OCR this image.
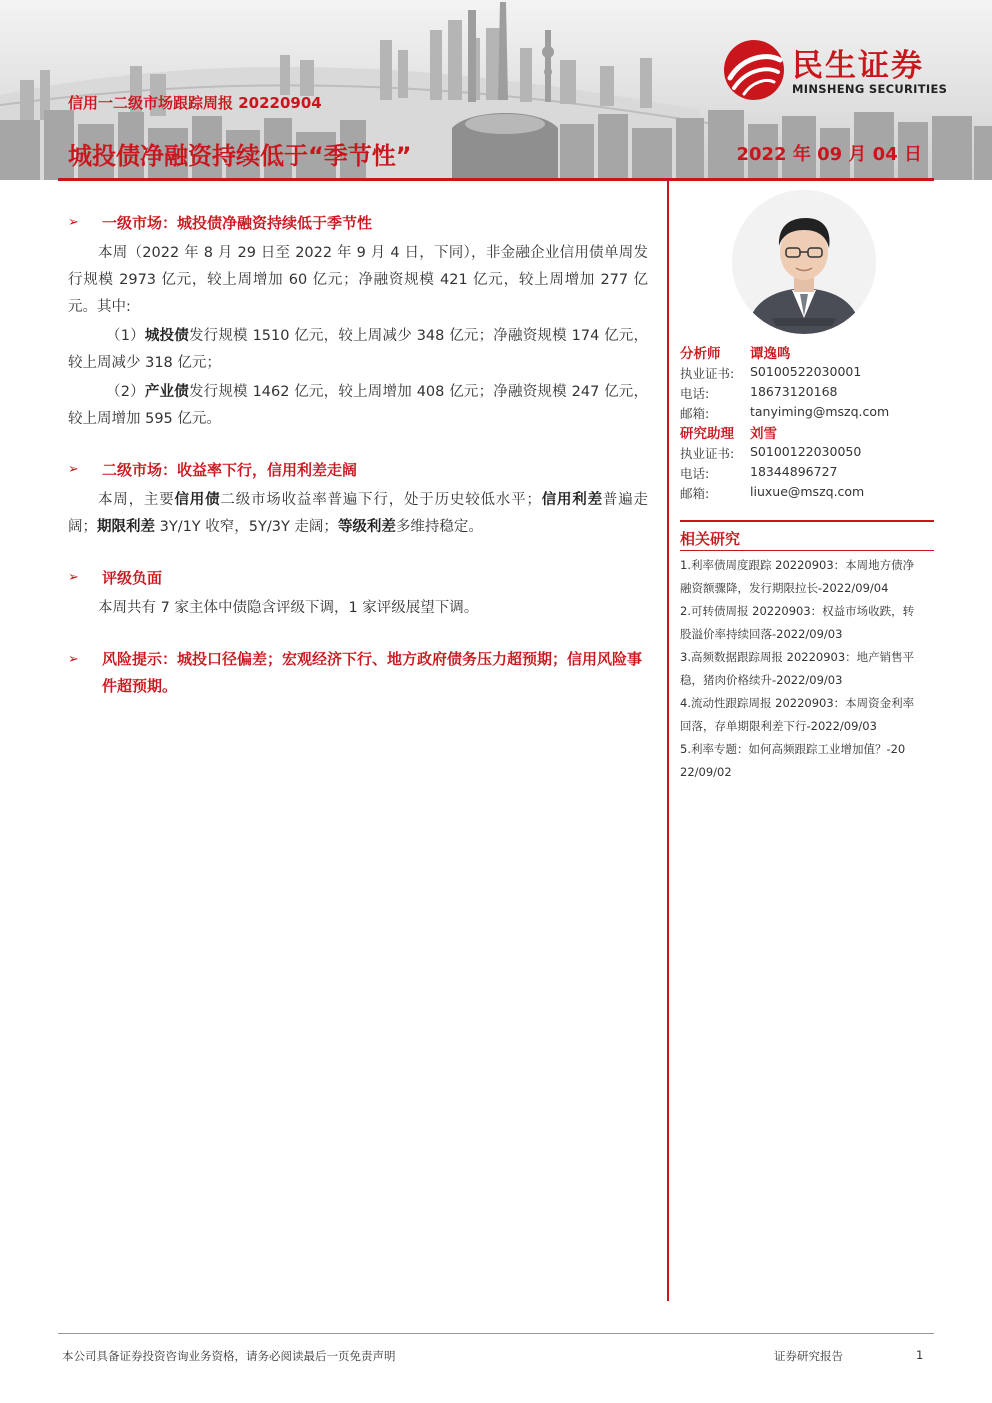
信用一二级市场跟踪周报 20220904
城投债净融资持续低于“季节性”	2022 年 09 月 04 日
民生证券
MINSHENG SECURITIES
➢ 一级市场：城投债净融资持续低于季节性

本周（2022 年 8 月 29 日至 2022 年 9 月 4 日，下同），非金融企业信用债单周发行规模 2973 亿元，较上周增加 60 亿元；净融资规模 421 亿元，较上周增加 277 亿元。其中:

（1）城投债发行规模 1510 亿元，较上周减少 348 亿元；净融资规模 174 亿元，较上周减少 318 亿元；

（2）产业债发行规模 1462 亿元，较上周增加 408 亿元；净融资规模 247 亿元，较上周增加 595 亿元。

➢ 二级市场：收益率下行，信用利差走阔

本周，主要信用债二级市场收益率普遍下行，处于历史较低水平；信用利差普遍走阔；期限利差 3Y/1Y 收窄，5Y/3Y 走阔；等级利差多维持稳定。

➢ 评级负面

本周共有 7 家主体中债隐含评级下调，1 家评级展望下调。

➢ 风险提示：城投口径偏差；宏观经济下行、地方政府债务压力超预期；信用风险事件超预期。
分析师 谭逸鸣
执业证书: S0100522030001
电话:	18673120168
邮箱:	tanyiming@mszq.com
研究助理 刘雪
执业证书: S0100122030050
电话:	18344896727
邮箱:	liuxue@mszq.com
相关研究
1.利率债周度跟踪 20220903：本周地方债净
融资额骤降，发行期限拉长-2022/09/04
2.可转债周报 20220903：权益市场收跌，转
股溢价率持续回落-2022/09/03
3.高频数据跟踪周报 20220903：地产销售平
稳，猪肉价格续升-2022/09/03
4.流动性跟踪周报 20220903：本周资金利率
回落，存单期限利差下行-2022/09/03
5.利率专题：如何高频跟踪工业增加值？-20
22/09/02
本公司具备证券投资咨询业务资格，请务必阅读最后一页免责声明	证券研究报告	1
